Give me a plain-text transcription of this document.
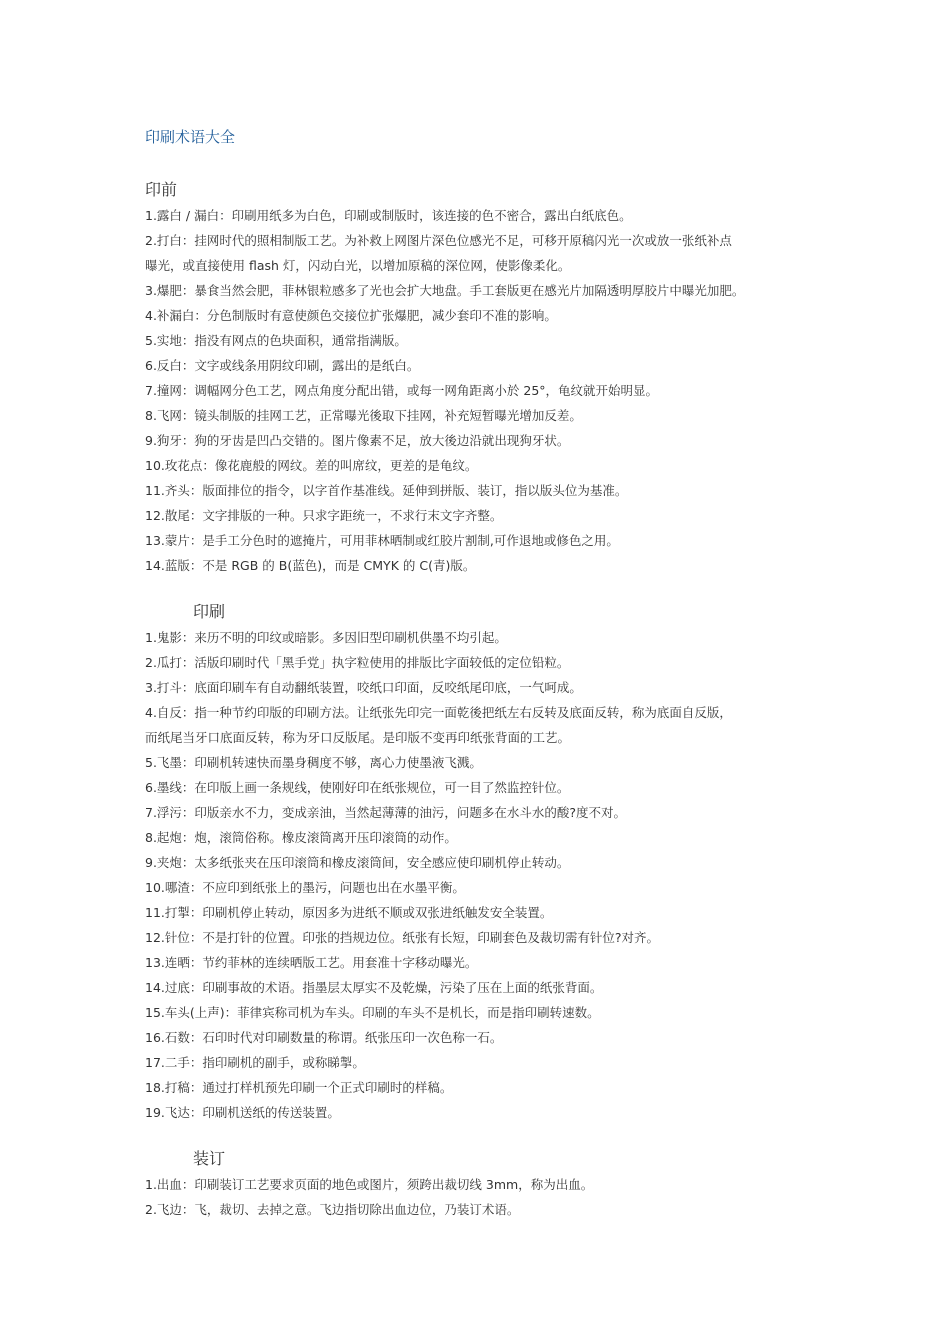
印刷术语大全
印前

1.露白 / 漏白：印刷用纸多为白色，印刷或制版时，该连接的色不密合，露出白纸底色。

2.打白：挂网时代的照相制版工艺。为补救上网图片深色位感光不足，可移开原稿闪光一次或放一张纸补点
曝光，或直接使用 flash 灯，闪动白光，以增加原稿的深位网，使影像柔化。

3.爆肥：暴食当然会肥，菲林银粒感多了光也会扩大地盘。手工套版更在感光片加隔透明厚胶片中曝光加肥。

4.补漏白：分色制版时有意使颜色交接位扩张爆肥，减少套印不准的影响。

5.实地：指没有网点的色块面积，通常指满版。

6.反白：文字或线条用阴纹印刷，露出的是纸白。

7.撞网：调幅网分色工艺，网点角度分配出错，或每一网角距离小於 25°，龟纹就开始明显。

8.飞网：镜头制版的挂网工艺，正常曝光後取下挂网，补充短暂曝光增加反差。

9.狗牙：狗的牙齿是凹凸交错的。图片像素不足，放大後边沿就出现狗牙状。

10.玫花点：像花鹿般的网纹。差的叫席纹，更差的是龟纹。

11.齐头：版面排位的指令，以字首作基准线。延伸到拼版、装订，指以版头位为基准。

12.散尾：文字排版的一种。只求字距统一，不求行末文字齐整。

13.蒙片：是手工分色时的遮掩片，可用菲林晒制或红胶片割制,可作退地或修色之用。

14.蓝版：不是 RGB 的 B(蓝色)，而是 CMYK 的 C(青)版。

印刷

1.鬼影：来历不明的印纹或暗影。多因旧型印刷机供墨不均引起。

2.瓜打：活版印刷时代「黑手党」执字粒使用的排版比字面较低的定位铅粒。

3.打斗：底面印刷车有自动翻纸装置，咬纸口印面，反咬纸尾印底，一气呵成。

4.自反：指一种节约印版的印刷方法。让纸张先印完一面乾後把纸左右反转及底面反转，称为底面自反版，
而纸尾当牙口底面反转，称为牙口反版尾。是印版不变再印纸张背面的工艺。

5.飞墨：印刷机转速快而墨身稠度不够，离心力使墨液飞溅。

6.墨线：在印版上画一条规线，使刚好印在纸张规位，可一目了然监控针位。

7.浮污：印版亲水不力，变成亲油，当然起薄薄的油污，问题多在水斗水的酸?度不对。

8.起炮：炮，滚筒俗称。橡皮滚筒离开压印滚筒的动作。

9.夹炮：太多纸张夹在压印滚筒和橡皮滚筒间，安全感应使印刷机停止转动。

10.哪渣：不应印到纸张上的墨污，问题也出在水墨平衡。

11.打掣：印刷机停止转动，原因多为进纸不顺或双张进纸触发安全装置。

12.针位：不是打针的位置。印张的挡规边位。纸张有长短，印刷套色及裁切需有针位?对齐。

13.连晒：节约菲林的连续晒版工艺。用套准十字移动曝光。

14.过底：印刷事故的术语。指墨层太厚实不及乾燥，污染了压在上面的纸张背面。

15.车头(上声)：菲律宾称司机为车头。印刷的车头不是机长，而是指印刷转速数。

16.石数：石印时代对印刷数量的称谓。纸张压印一次色称一石。

17.二手：指印刷机的副手，或称睇掣。

18.打稿：通过打样机预先印刷一个正式印刷时的样稿。

19.飞达：印刷机送纸的传送装置。

装订

1.出血：印刷装订工艺要求页面的地色或图片，须跨出裁切线 3mm，称为出血。

2.飞边：飞，裁切、去掉之意。飞边指切除出血边位，乃装订术语。
